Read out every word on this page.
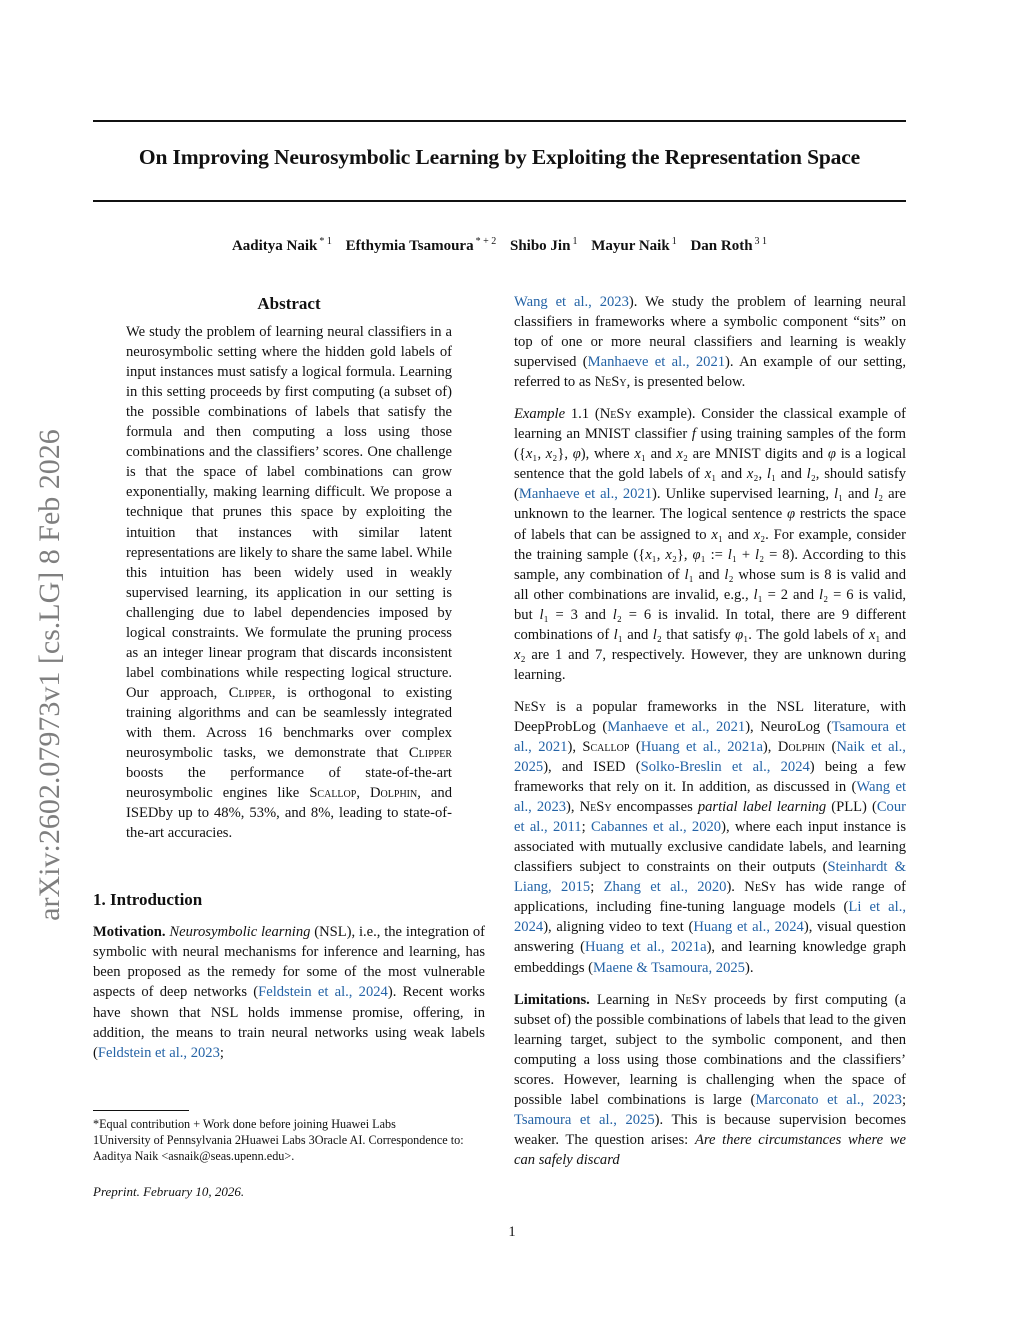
On Improving Neurosymbolic Learning by Exploiting the Representation Space
Aaditya Naik $^{* 1}$ Efthymia Tsamoura $^{* + 2}$ Shibo Jin $^1$ Mayur Naik $^1$ Dan Roth $^{3 1}$
arXiv:2602.07973v1 [cs.LG] 8 Feb 2026
Abstract

We study the problem of learning neural classifiers in a neurosymbolic setting where the hidden gold labels of input instances must satisfy a logical formula. Learning in this setting proceeds by first computing (a subset of) the possible combinations of labels that satisfy the formula and then computing a loss using those combinations and the classifiers’ scores. One challenge is that the space of label combinations can grow exponentially, making learning difficult. We propose a technique that prunes this space by exploiting the intuition that instances with similar latent representations are likely to share the same label. While this intuition has been widely used in weakly supervised learning, its application in our setting is challenging due to label dependencies imposed by logical constraints. We formulate the pruning process as an integer linear program that discards inconsistent label combinations while respecting logical structure. Our approach, Clipper, is orthogonal to existing training algorithms and can be seamlessly integrated with them. Across 16 benchmarks over complex neurosymbolic tasks, we demonstrate that Clipper boosts the performance of state-of-the-art neurosymbolic engines like Scallop, Dolphin, and ISEDby up to 48%, 53%, and 8%, leading to state-of-the-art accuracies.

1. Introduction

Motivation. Neurosymbolic learning (NSL), i.e., the integration of symbolic with neural mechanisms for inference and learning, has been proposed as the remedy for some of the most vulnerable aspects of deep networks (Feldstein et al., 2024). Recent works have shown that NSL holds immense promise, offering, in addition, the means to train neural networks using weak labels (Feldstein et al., 2023;

*Equal contribution + Work done before joining Huawei Labs
1University of Pennsylvania 2Huawei Labs 3Oracle AI. Correspondence to: Aaditya Naik <asnaik@seas.upenn.edu>.
Preprint. February 10, 2026.

Wang et al., 2023). We study the problem of learning neural classifiers in frameworks where a symbolic component “sits” on top of one or more neural classifiers and learning is weakly supervised (Manhaeve et al., 2021). An example of our setting, referred to as NeSy, is presented below.

Example 1.1 (NeSy example). Consider the classical example of learning an MNIST classifier f using training samples of the form ({x₁, x₂}, φ), where x₁ and x₂ are MNIST digits and φ is a logical sentence that the gold labels of x₁ and x₂, l₁ and l₂, should satisfy (Manhaeve et al., 2021). Unlike supervised learning, l₁ and l₂ are unknown to the learner. The logical sentence φ restricts the space of labels that can be assigned to x₁ and x₂. For example, consider the training sample ({x₁, x₂}, φ₁ := l₁ + l₂ = 8). According to this sample, any combination of l₁ and l₂ whose sum is 8 is valid and all other combinations are invalid, e.g., l₁ = 2 and l₂ = 6 is valid, but l₁ = 3 and l₂ = 6 is invalid. In total, there are 9 different combinations of l₁ and l₂ that satisfy φ₁. The gold labels of x₁ and x₂ are 1 and 7, respectively. However, they are unknown during learning.

NeSy is a popular frameworks in the NSL literature, with DeepProbLog (Manhaeve et al., 2021), NeuroLog (Tsamoura et al., 2021), Scallop (Huang et al., 2021a), Dolphin (Naik et al., 2025), and ISED (Solko-Breslin et al., 2024) being a few frameworks that rely on it. In addition, as discussed in (Wang et al., 2023), NeSy encompasses partial label learning (PLL) (Cour et al., 2011; Cabannes et al., 2020), where each input instance is associated with mutually exclusive candidate labels, and learning classifiers subject to constraints on their outputs (Steinhardt & Liang, 2015; Zhang et al., 2020). NeSy has wide range of applications, including fine-tuning language models (Li et al., 2024), aligning video to text (Huang et al., 2024), visual question answering (Huang et al., 2021a), and learning knowledge graph embeddings (Maene & Tsamoura, 2025).

Limitations. Learning in NeSy proceeds by first computing (a subset of) the possible combinations of labels that lead to the given learning target, subject to the symbolic component, and then computing a loss using those combinations and the classifiers’ scores. However, learning is challenging when the space of possible label combinations is large (Marconato et al., 2023; Tsamoura et al., 2025). This is because supervision becomes weaker. The question arises: Are there circumstances where we can safely discard

1
